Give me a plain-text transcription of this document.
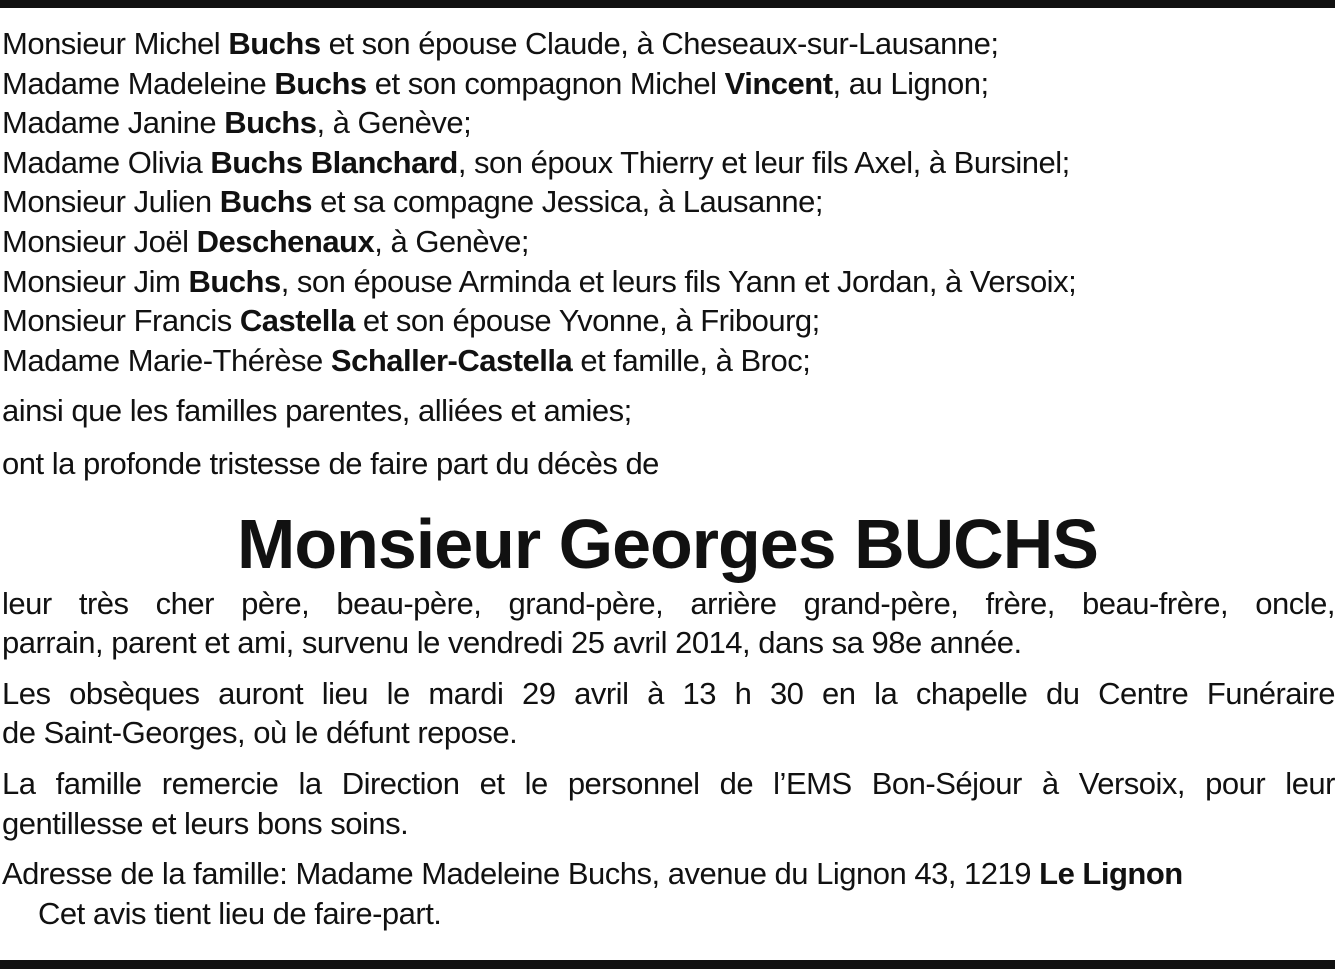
Monsieur Michel Buchs et son épouse Claude, à Cheseaux-sur-Lausanne;
Madame Madeleine Buchs et son compagnon Michel Vincent, au Lignon;
Madame Janine Buchs, à Genève;
Madame Olivia Buchs Blanchard, son époux Thierry et leur fils Axel, à Bursinel;
Monsieur Julien Buchs et sa compagne Jessica, à Lausanne;
Monsieur Joël Deschenaux, à Genève;
Monsieur Jim Buchs, son épouse Arminda et leurs fils Yann et Jordan, à Versoix;
Monsieur Francis Castella et son épouse Yvonne, à Fribourg;
Madame Marie-Thérèse Schaller-Castella et famille, à Broc;
ainsi que les familles parentes, alliées et amies;
ont la profonde tristesse de faire part du décès de
Monsieur Georges BUCHS
leur très cher père, beau-père, grand-père, arrière grand-père, frère, beau-frère, oncle,
parrain, parent et ami, survenu le vendredi 25 avril 2014, dans sa 98e année.
Les obsèques auront lieu le mardi 29 avril à 13 h 30 en la chapelle du Centre Funéraire
de Saint-Georges, où le défunt repose.
La famille remercie la Direction et le personnel de l’EMS Bon-Séjour à Versoix, pour leur
gentillesse et leurs bons soins.
Adresse de la famille: Madame Madeleine Buchs, avenue du Lignon 43, 1219 Le Lignon
Cet avis tient lieu de faire-part.
